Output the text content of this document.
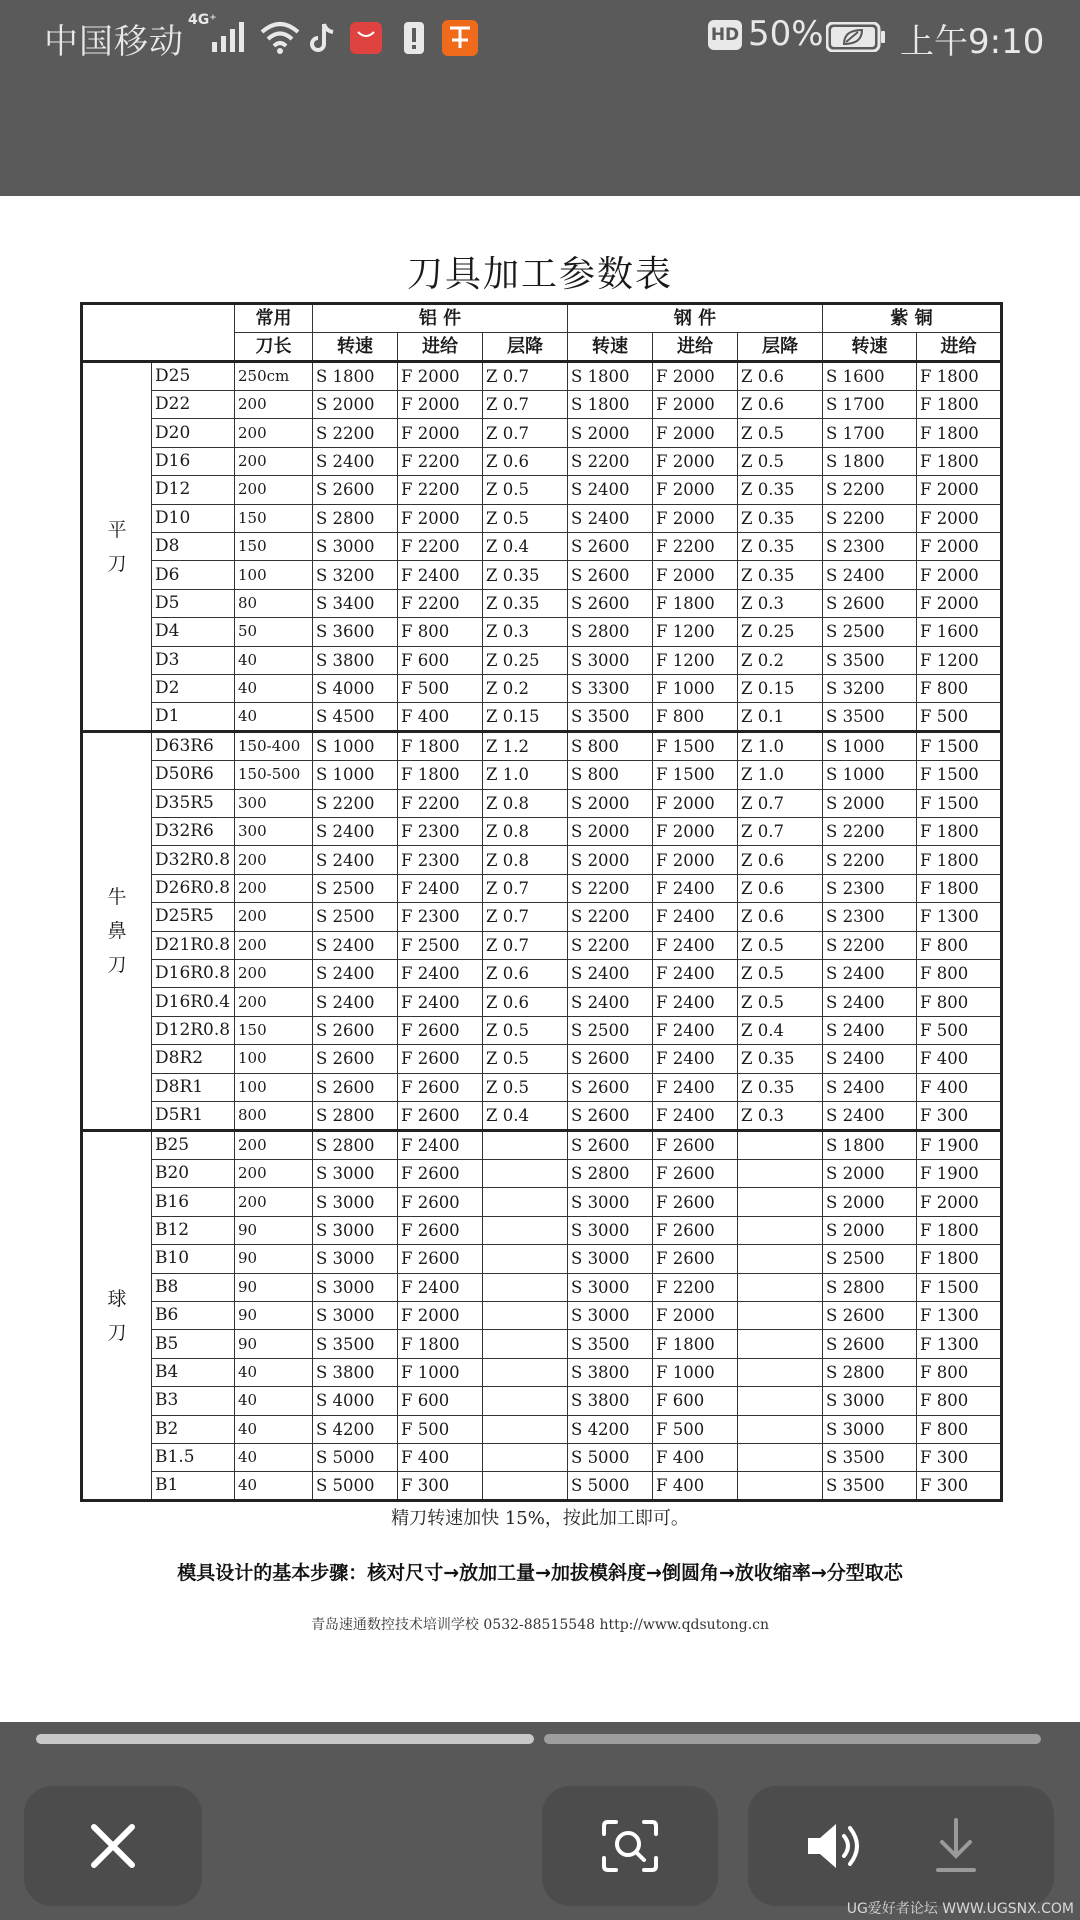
中国移动
4G⁺
HD 50% 上午9:10
刀具加工参数表
		常用	铝 件			钢 件			紫 铜	
		刀长	转速	进给	层降	转速	进给	层降	转速	进给

平
刀	D25	250cm	S 1800	F 2000	Z 0.7	S 1800	F 2000	Z 0.6	S 1600	F 1800
	D22	200	S 2000	F 2000	Z 0.7	S 1800	F 2000	Z 0.6	S 1700	F 1800
	D20	200	S 2200	F 2000	Z 0.7	S 2000	F 2000	Z 0.5	S 1700	F 1800
	D16	200	S 2400	F 2200	Z 0.6	S 2200	F 2000	Z 0.5	S 1800	F 1800
	D12	200	S 2600	F 2200	Z 0.5	S 2400	F 2000	Z 0.35	S 2200	F 2000
	D10	150	S 2800	F 2000	Z 0.5	S 2400	F 2000	Z 0.35	S 2200	F 2000
	D8	150	S 3000	F 2200	Z 0.4	S 2600	F 2200	Z 0.35	S 2300	F 2000
	D6	100	S 3200	F 2400	Z 0.35	S 2600	F 2000	Z 0.35	S 2400	F 2000
	D5	80	S 3400	F 2200	Z 0.35	S 2600	F 1800	Z 0.3	S 2600	F 2000
	D4	50	S 3600	F 800	Z 0.3	S 2800	F 1200	Z 0.25	S 2500	F 1600
	D3	40	S 3800	F 600	Z 0.25	S 3000	F 1200	Z 0.2	S 3500	F 1200
	D2	40	S 4000	F 500	Z 0.2	S 3300	F 1000	Z 0.15	S 3200	F 800
	D1	40	S 4500	F 400	Z 0.15	S 3500	F 800	Z 0.1	S 3500	F 500

牛
鼻
刀	D63R6	150-400	S 1000	F 1800	Z 1.2	S 800	F 1500	Z 1.0	S 1000	F 1500
	D50R6	150-500	S 1000	F 1800	Z 1.0	S 800	F 1500	Z 1.0	S 1000	F 1500
	D35R5	300	S 2200	F 2200	Z 0.8	S 2000	F 2000	Z 0.7	S 2000	F 1500
	D32R6	300	S 2400	F 2300	Z 0.8	S 2000	F 2000	Z 0.7	S 2200	F 1800
	D32R0.8	200	S 2400	F 2300	Z 0.8	S 2000	F 2000	Z 0.6	S 2200	F 1800
	D26R0.8	200	S 2500	F 2400	Z 0.7	S 2200	F 2400	Z 0.6	S 2300	F 1800
	D25R5	200	S 2500	F 2300	Z 0.7	S 2200	F 2400	Z 0.6	S 2300	F 1300
	D21R0.8	200	S 2400	F 2500	Z 0.7	S 2200	F 2400	Z 0.5	S 2200	F 800
	D16R0.8	200	S 2400	F 2400	Z 0.6	S 2400	F 2400	Z 0.5	S 2400	F 800
	D16R0.4	200	S 2400	F 2400	Z 0.6	S 2400	F 2400	Z 0.5	S 2400	F 800
	D12R0.8	150	S 2600	F 2600	Z 0.5	S 2500	F 2400	Z 0.4	S 2400	F 500
	D8R2	100	S 2600	F 2600	Z 0.5	S 2600	F 2400	Z 0.35	S 2400	F 400
	D8R1	100	S 2600	F 2600	Z 0.5	S 2600	F 2400	Z 0.35	S 2400	F 400
	D5R1	800	S 2800	F 2600	Z 0.4	S 2600	F 2400	Z 0.3	S 2400	F 300

球
刀	B25	200	S 2800	F 2400		S 2600	F 2600		S 1800	F 1900
	B20	200	S 3000	F 2600		S 2800	F 2600		S 2000	F 1900
	B16	200	S 3000	F 2600		S 3000	F 2600		S 2000	F 2000
	B12	90	S 3000	F 2600		S 3000	F 2600		S 2000	F 1800
	B10	90	S 3000	F 2600		S 3000	F 2600		S 2500	F 1800
	B8	90	S 3000	F 2400		S 3000	F 2200		S 2800	F 1500
	B6	90	S 3000	F 2000		S 3000	F 2000		S 2600	F 1300
	B5	90	S 3500	F 1800		S 3500	F 1800		S 2600	F 1300
	B4	40	S 3800	F 1000		S 3800	F 1000		S 2800	F 800
	B3	40	S 4000	F 600		S 3800	F 600		S 3000	F 800
	B2	40	S 4200	F 500		S 4200	F 500		S 3000	F 800
	B1.5	40	S 5000	F 400		S 5000	F 400		S 3500	F 300
	B1	40	S 5000	F 300		S 5000	F 400		S 3500	F 300
精刀转速加快 15%，按此加工即可。
模具设计的基本步骤：核对尺寸→放加工量→加拔模斜度→倒圆角→放收缩率→分型取芯
青岛速通数控技术培训学校 0532-88515548 http://www.qdsutong.cn
UG爱好者论坛 WWW.UGSNX.COM
